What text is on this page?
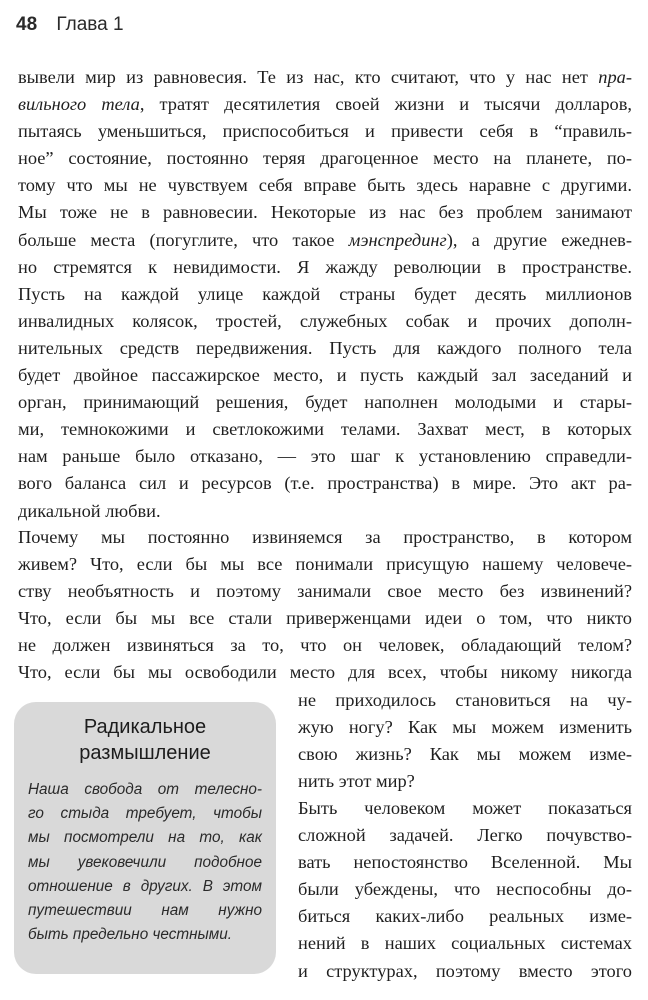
48 Глава 1
вывели мир из равновесия. Те из нас, кто считают, что у нас нет пра-
вильного тела, тратят десятилетия своей жизни и тысячи долларов,
пытаясь уменьшиться, приспособиться и привести себя в “правиль-
ное” состояние, постоянно теряя драгоценное место на планете, по-
тому что мы не чувствуем себя вправе быть здесь наравне с другими.
Мы тоже не в равновесии. Некоторые из нас без проблем занимают
больше места (погуглите, что такое мэнспрединг), а другие ежеднев-
но стремятся к невидимости. Я жажду революции в пространстве.
Пусть на каждой улице каждой страны будет десять миллионов
инвалидных колясок, тростей, служебных собак и прочих дополн-
нительных средств передвижения. Пусть для каждого полного тела
будет двойное пассажирское место, и пусть каждый зал заседаний и
орган, принимающий решения, будет наполнен молодыми и стары-
ми, темнокожими и светлокожими телами. Захват мест, в которых
нам раньше было отказано, — это шаг к установлению справедли-
вого баланса сил и ресурсов (т.е. пространства) в мире. Это акт ра-
дикальной любви.
Почему мы постоянно извиняемся за пространство, в котором
живем? Что, если бы мы все понимали присущую нашему человече-
ству необъятность и поэтому занимали свое место без извинений?
Что, если бы мы все стали приверженцами идеи о том, что никто
не должен извиняться за то, что он человек, обладающий телом?
Что, если бы мы освободили место для всех, чтобы никому никогда
не приходилось становиться на чу-
жую ногу? Как мы можем изменить
свою жизнь? Как мы можем изме-
нить этот мир?
Быть человеком может показаться
сложной задачей. Легко почувство-
вать непостоянство Вселенной. Мы
были убеждены, что неспособны до-
биться каких-либо реальных изме-
нений в наших социальных системах
и структурах, поэтому вместо этого
Радикальное
размышление
Наша свобода от телесно-
го стыда требует, чтобы
мы посмотрели на то, как
мы увековечили подобное
отношение в других. В этом
путешествии нам нужно
быть предельно честными.
